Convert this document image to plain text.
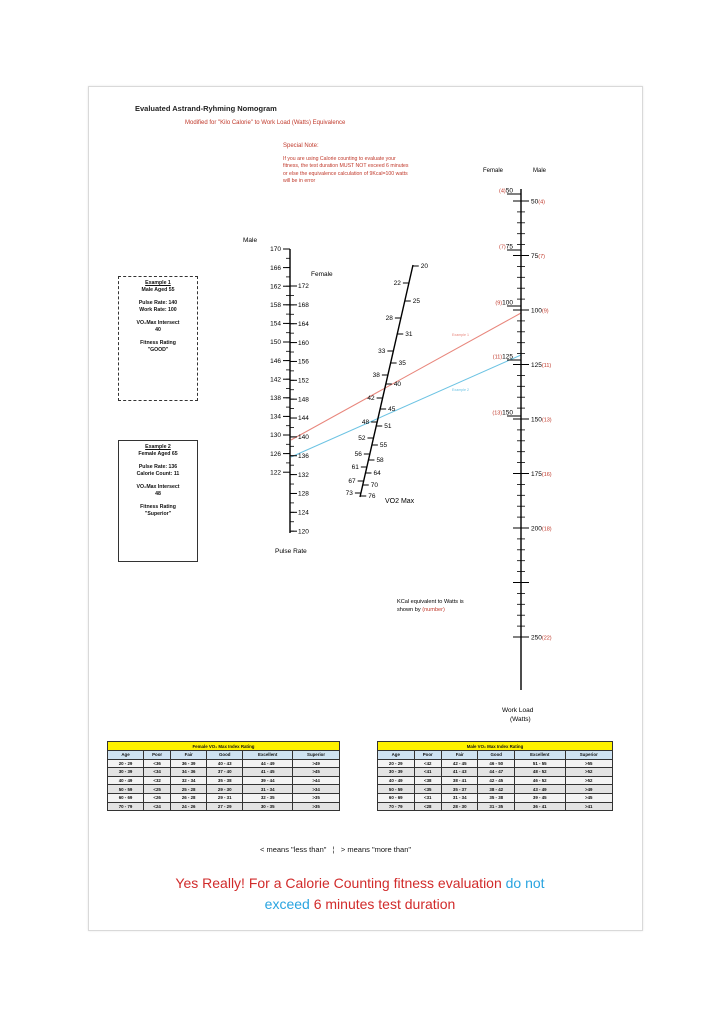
Evaluated Astrand-Ryhming Nomogram
Modified for "Kilo Calorie" to Work Load (Watts) Equivalence
Special Note:
If you are using Calorie counting to evaluate your
fitness, the test duration MUST NOT exceed 6 minutes
or else the equivalence calculation of 9Kcal=100 watts
will be in error
170
166
162
158
154
150
146
142
138
134
130
126
122
172
168
164
160
156
152
148
144
140
136
132
128
124
120
20
25
31
35
40
45
51
55
58
64
70
76
22
28
33
38
42
48
52
56
61
67
73
(4)50
(7)75
(9)100
(11)125
(13)150
50(4)
75(7)
100(9)
125(11)
150(13)
175(16)
200(18)
250(22)
Male
Female
Pulse Rate
VO2 Max
Female	Male
Work Load
(Watts)
KCal equivalent to Watts is
shown by (number)
Example 1
Example 2
Example 1
Male Aged 55
Pulse Rate: 140
Work Rate: 100
VO₂Max Intersect
40
Fitness Rating
"GOOD"
Example 2
Female Aged 65
Pulse Rate: 136
Calorie Count: 11
VO₂Max Intersect
48
Fitness Rating
"Superior"
Female VO₂ Max Index Rating					
Age	Poor	Fair	Good	Excellent	Superior
20 - 29	<36	36 - 39	40 - 43	44 - 49	>49
30 - 39	<34	34 - 36	37 - 40	41 - 45	>45
40 - 49	<32	32 - 34	35 - 38	39 - 44	>44
50 - 59	<25	25 - 28	29 - 30	31 - 34	>34
60 - 69	<26	26 - 28	29 - 31	32 - 35	>35
70 - 79	<24	24 - 26	27 - 29	30 - 35	>35
Male VO₂ Max Index Rating					
Age	Poor	Fair	Good	Excellent	Superior
20 - 29	<42	42 - 45	46 - 50	51 - 55	>55
30 - 39	<41	41 - 43	44 - 47	48 - 52	>52
40 - 49	<38	38 - 41	42 - 45	46 - 52	>52
50 - 59	<35	35 - 37	38 - 42	43 - 49	>49
60 - 69	<31	31 - 34	35 - 38	39 - 45	>45
70 - 79	<28	28 - 30	31 - 35	36 - 41	>41
< means "less than" ¦ > means "more than"
Yes Really! For a Calorie Counting fitness evaluation do not
exceed 6 minutes test duration
